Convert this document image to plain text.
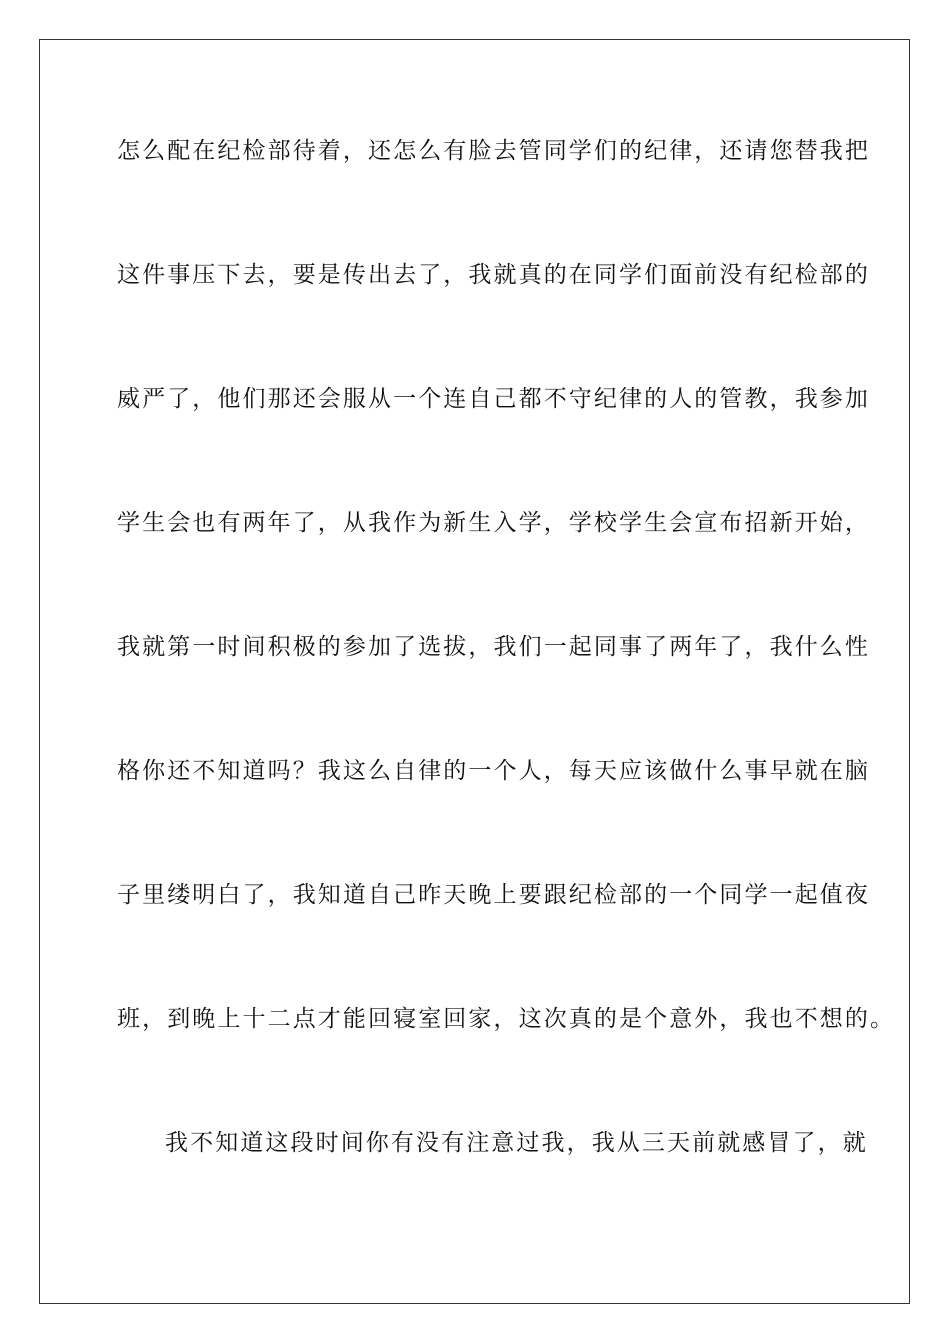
怎么配在纪检部待着，还怎么有脸去管同学们的纪律，还请您替我把
这件事压下去，要是传出去了，我就真的在同学们面前没有纪检部的
威严了，他们那还会服从一个连自己都不守纪律的人的管教，我参加
学生会也有两年了，从我作为新生入学，学校学生会宣布招新开始，
我就第一时间积极的参加了选拔，我们一起同事了两年了，我什么性
格你还不知道吗？我这么自律的一个人，每天应该做什么事早就在脑
子里缕明白了，我知道自己昨天晚上要跟纪检部的一个同学一起值夜
班，到晚上十二点才能回寝室回家，这次真的是个意外，我也不想的。
我不知道这段时间你有没有注意过我，我从三天前就感冒了，就
